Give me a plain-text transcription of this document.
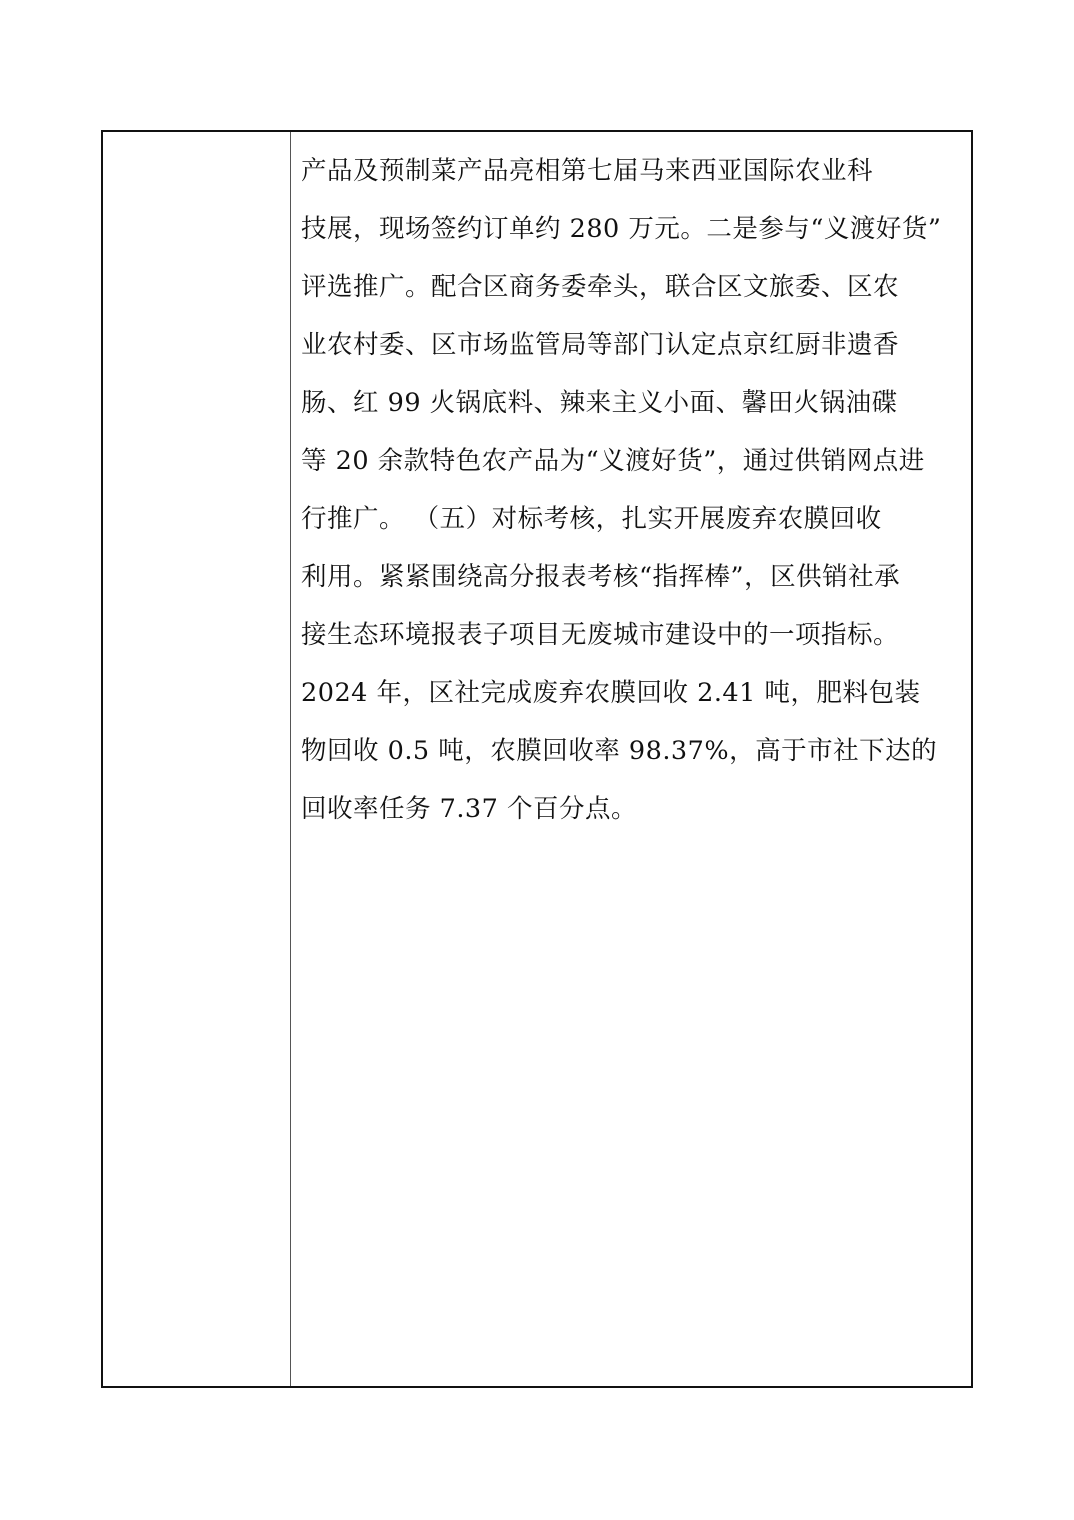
产品及预制菜产品亮相第七届马来西亚国际农业科
技展，现场签约订单约 280 万元。二是参与“义渡好货”
评选推广。配合区商务委牵头，联合区文旅委、区农
业农村委、区市场监管局等部门认定点京红厨非遗香
肠、红 99 火锅底料、辣来主义小面、馨田火锅油碟
等 20 余款特色农产品为“义渡好货”，通过供销网点进
行推广。 （五）对标考核，扎实开展废弃农膜回收
利用。紧紧围绕高分报表考核“指挥棒”，区供销社承
接生态环境报表子项目无废城市建设中的一项指标。
2024 年，区社完成废弃农膜回收 2.41 吨，肥料包装
物回收 0.5 吨，农膜回收率 98.37%，高于市社下达的
回收率任务 7.37 个百分点。
